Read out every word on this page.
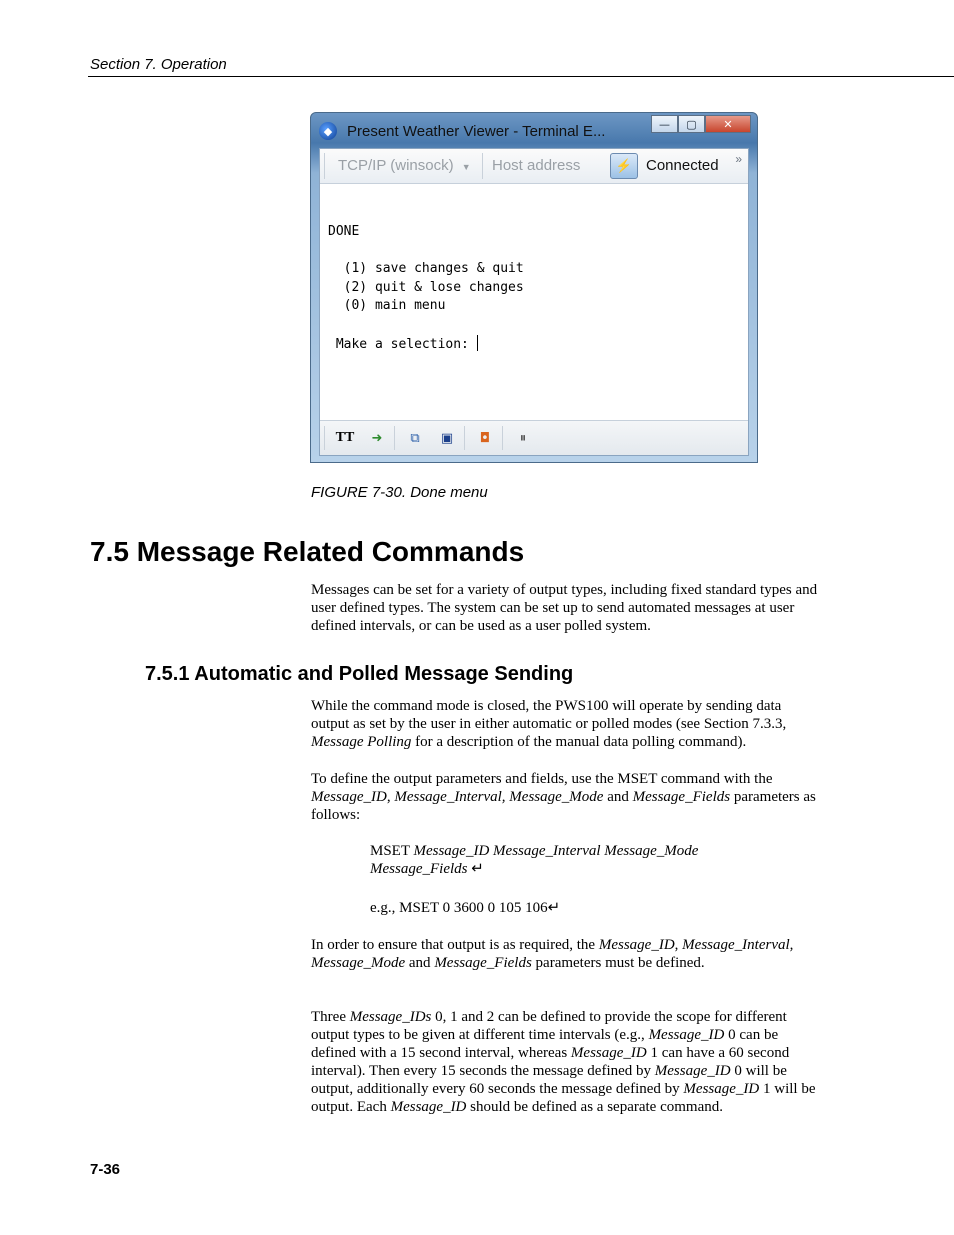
Section 7. Operation
◆ Present Weather Viewer - Terminal E...	—	▢	✕
TCP/IP (winsock) ▼ Host address	⚡ Connected »
DONE

(1) save changes & quit
(2) quit & lose changes
(0) main menu

Make a selection:
TT ➜	⧉	▣ ◘	⏸
FIGURE 7-30. Done menu
7.5 Message Related Commands
Messages can be set for a variety of output types, including fixed standard types and user defined types. The system can be set up to send automated messages at user defined intervals, or can be used as a user polled system.
7.5.1 Automatic and Polled Message Sending
While the command mode is closed, the PWS100 will operate by sending data output as set by the user in either automatic or polled modes (see Section 7.3.3, Message Polling for a description of the manual data polling command).
To define the output parameters and fields, use the MSET command with the Message_ID, Message_Interval, Message_Mode and Message_Fields parameters as follows:
MSET Message_ID Message_Interval Message_Mode Message_Fields ↵
e.g., MSET 0 3600 0 105 106↵
In order to ensure that output is as required, the Message_ID, Message_Interval, Message_Mode and Message_Fields parameters must be defined.
Three Message_IDs 0, 1 and 2 can be defined to provide the scope for different output types to be given at different time intervals (e.g., Message_ID 0 can be defined with a 15 second interval, whereas Message_ID 1 can have a 60 second interval). Then every 15 seconds the message defined by Message_ID 0 will be output, additionally every 60 seconds the message defined by Message_ID 1 will be output. Each Message_ID should be defined as a separate command.
7-36
